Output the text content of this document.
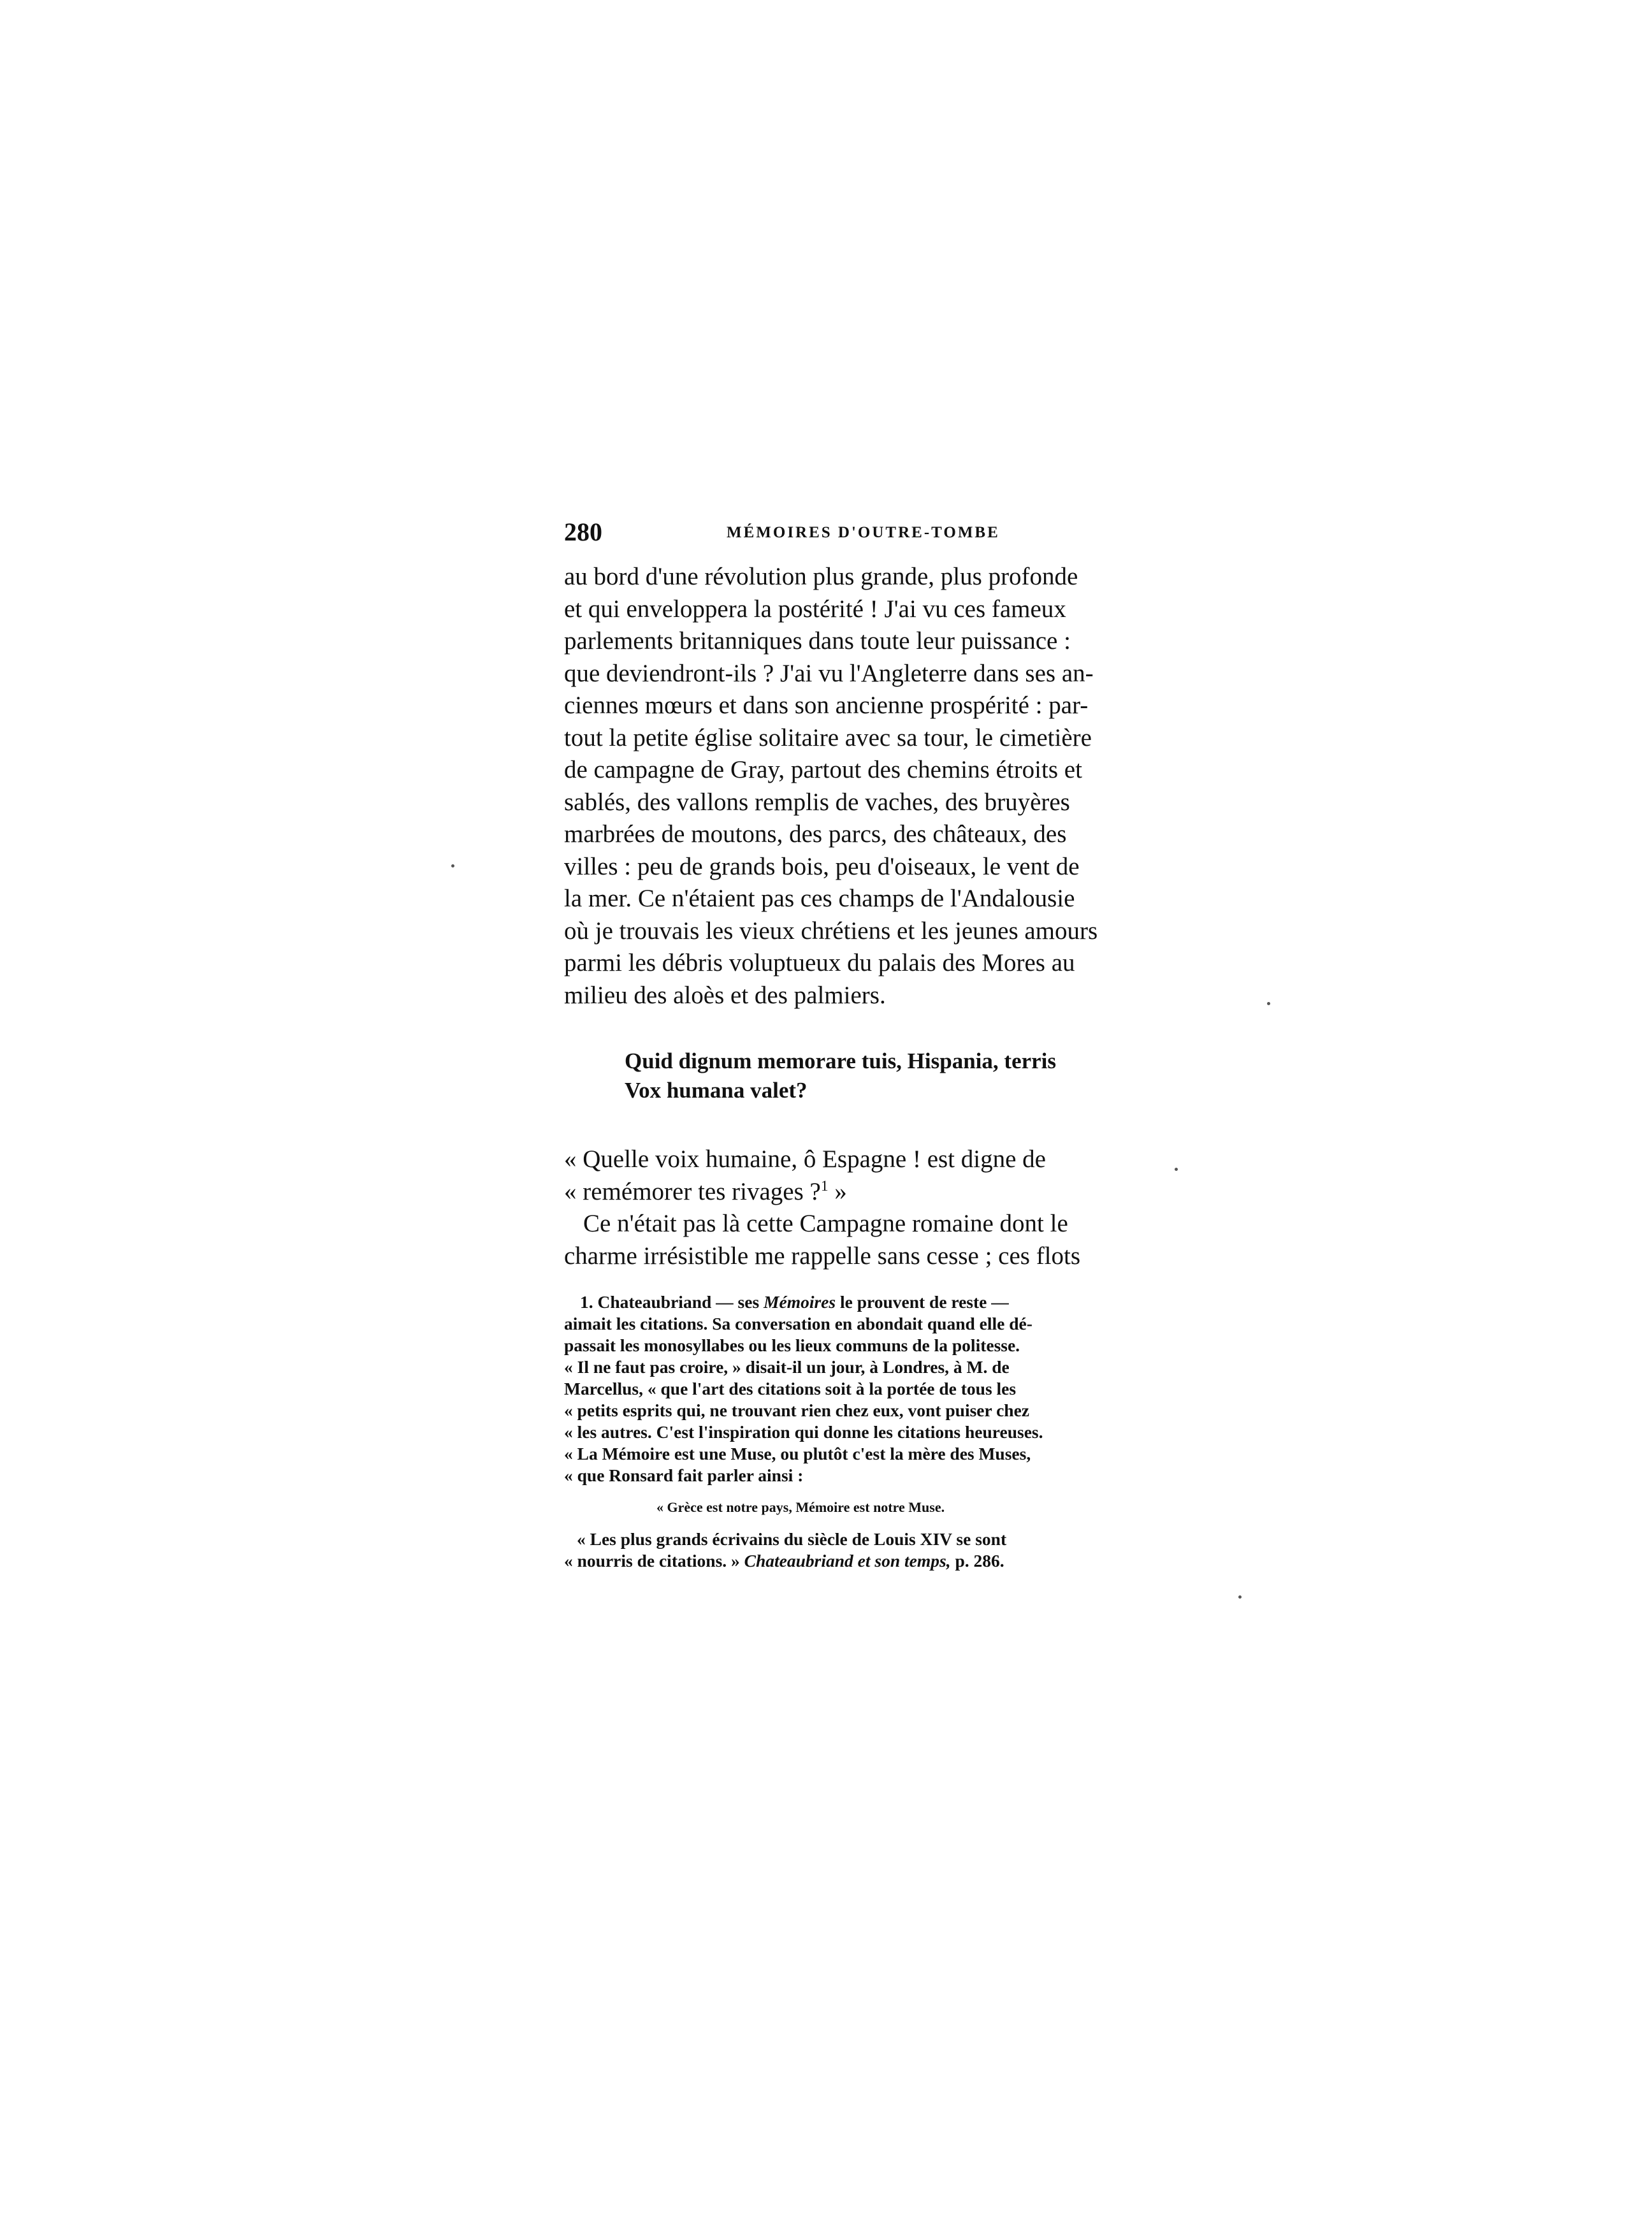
280	MÉMOIRES D'OUTRE-TOMBE
au bord d'une révolution plus grande, plus profonde
et qui enveloppera la postérité ! J'ai vu ces fameux
parlements britanniques dans toute leur puissance :
que deviendront-ils ? J'ai vu l'Angleterre dans ses an-
ciennes mœurs et dans son ancienne prospérité : par-
tout la petite église solitaire avec sa tour, le cimetière
de campagne de Gray, partout des chemins étroits et
sablés, des vallons remplis de vaches, des bruyères
marbrées de moutons, des parcs, des châteaux, des
villes : peu de grands bois, peu d'oiseaux, le vent de
la mer. Ce n'étaient pas ces champs de l'Andalousie
où je trouvais les vieux chrétiens et les jeunes amours
parmi les débris voluptueux du palais des Mores au
milieu des aloès et des palmiers.
Quid dignum memorare tuis, Hispania, terris
Vox humana valet?
« Quelle voix humaine, ô Espagne ! est digne de
« remémorer tes rivages ?$^1$ »
Ce n'était pas là cette Campagne romaine dont le
charme irrésistible me rappelle sans cesse ; ces flots
1. Chateaubriand — ses Mémoires le prouvent de reste —
aimait les citations. Sa conversation en abondait quand elle dé-
passait les monosyllabes ou les lieux communs de la politesse.
« Il ne faut pas croire, » disait-il un jour, à Londres, à M. de
Marcellus, « que l'art des citations soit à la portée de tous les
« petits esprits qui, ne trouvant rien chez eux, vont puiser chez
« les autres. C'est l'inspiration qui donne les citations heureuses.
« La Mémoire est une Muse, ou plutôt c'est la mère des Muses,
« que Ronsard fait parler ainsi :
« Grèce est notre pays, Mémoire est notre Muse.
« Les plus grands écrivains du siècle de Louis XIV se sont
« nourris de citations. » Chateaubriand et son temps, p. 286.
